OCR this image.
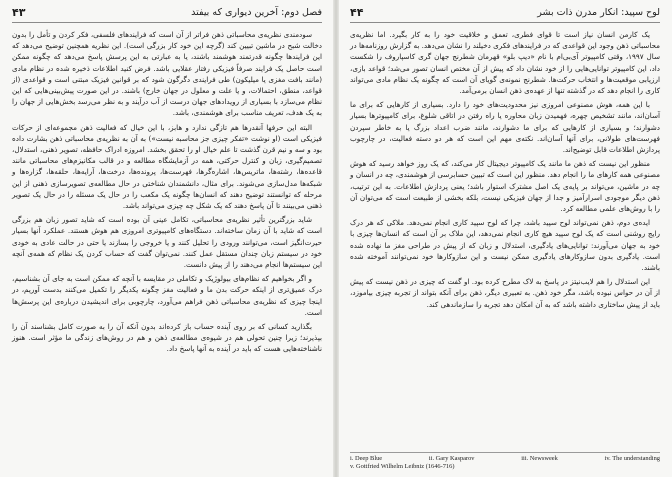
۴۳	فصل دوم: آخرین دیواری که بیفتد

سودمندی نظریه‌ی محاسباتی ذهن فراتر از آن است که فرایندهای فلسفی، فکر کردن و تأمل را بدون دخالت شبح در ماشین تبیین کند (گرچه این خود کار بزرگی است). این نظریه همچنین توضیح می‌دهد که این فرایندها چگونه قدرتمند هوشمند باشند، یا به عبارتی به این پرسش پاسخ می‌دهد که چگونه ممکن است حاصل یک فرایند صرفاً فیزیکی رفتار عقلایی باشد. فرض کنید اطلاعات ذخیره شده در نظام مادی (مانند بافت مغزی یا میلیکون) طی فرایندی دگرگون شود که بر قوانین فیزیک مبتنی است و قواعدی (از قواعد، منطق، احتمالات، و یا علت و معلول در جهان خارج) باشند. در این صورت پیش‌بینی‌هایی که این نظام می‌سازد با بسیاری از رویدادهای جهان درست از آب درآیند و به نظر می‌رسد بخش‌هایی از جهان را به یک هدف، تعریف مناسب برای هوشمندی، باشد.

البته این حرفها آنقدرها هم تازگی ندارد و هابز، با این خیال که فعالیت ذهن مجموعه‌ای از حرکات فیزیکی است (او نوشت «تفکر چیزی جز محاسبه نیست») به آن به نظریه‌ی محاسباتی ذهن بشارت داده بود و سه و نیم قرن گذشت تا علم خیال او را تحقق بخشد. امروزه ادراک حافظه، تصویر ذهنی، استدلال، تصمیم‌گیری، زبان و کنترل حرکتی، همه در آزمایشگاه مطالعه و در قالب مکانیزم‌های محاسباتی مانند قاعده‌ها، رشته‌ها، ماتریس‌ها، اشاره‌گرها، فهرست‌ها، پرونده‌ها، درخت‌ها، آرایه‌ها، حلقه‌ها، گزاره‌ها و شبکه‌ها مدل‌سازی می‌شوند. برای مثال، دانشمندان شناختی در حال مطالعه‌ی تصویرسازی ذهنی از این مرحله که توانستند توضیح دهند که انسان‌ها چگونه یک مکعب را در حال یک مسئله را در حال یک تصویر ذهنی می‌بینند تا آن پاسخ دهند که یک شکل چه چیزی می‌تواند باشد.

شاید بزرگترین تأثیر نظریه‌ی محاسباتی، تکامل عینی آن بوده است که شاید تصور زبان هم بزرگی است که شاید با آن زمان ساخته‌اند. دستگاه‌های کامپیوتری امروزی هم هوش هستند. عملکرد آنها بسیار حیرت‌انگیز است، می‌توانند ورودی را تحلیل کنند و یا خروجی را بسازند یا حتی در حالت عادی به خودی خود در سیستم زبان چندان مستقل عمل کنند. نمی‌توان گفت که حساب کردن یک نظام که همه‌ی آنچه این سیستم‌ها انجام می‌دهند را از پیش دانست.

و اگر بخواهیم که نظام‌های بیولوژیک و تکاملی در مقایسه با آنچه که ممکن است به جای آن بشناسیم، درک عمیق‌تری از اینکه حرکت بدن ما و فعالیت مغز چگونه یکدیگر را تکمیل می‌کنند بدست آوریم، در اینجا چیزی که نظریه‌ی محاسباتی ذهن فراهم می‌آورد، چارچوبی برای اندیشیدن درباره‌ی این پرسش‌ها است.

بگذارید کسانی که بر روی آینده حساب باز کرده‌اند بدون آنکه آن را به صورت کامل بشناسند آن را بپذیرند؛ زیرا چنین تحولی هم در شیوه‌ی مطالعه‌ی ذهن و هم در روش‌های زندگی ما مؤثر است. هنوز ناشناخته‌هایی هست که باید در آینده به آنها پاسخ داد.

۴۴	لوح سپید: انکار مدرن ذات بشر

یک کارمن انسان نیاز است تا قوای فطری، تعمق و خلاقیت خود را به کار بگیرد. اما نظریه‌ی محاسباتی ذهن وجود این قواعدی که در فرایندهای فکری دخیلند را نشان می‌دهد. به گزارش روزنامه‌ها در سال ۱۹۹۷، وقتی کامپیوتر آی‌بی‌ام با نام «دیپ بلو» قهرمان شطرنج جهان گری کاسپاروف را شکست داد، این کامپیوتر توانایی‌هایی را از خود نشان داد که پیش از آن مختص انسان تصور می‌شد؛ قواعد بازی، ارزیابی موقعیت‌ها و انتخاب حرکت‌ها. شطرنج نمونه‌ی گویای آن است که چگونه یک نظام مادی می‌تواند کاری را انجام دهد که در گذشته تنها از عهده‌ی ذهن انسان برمی‌آمد.

با این همه، هوش مصنوعی امروزی نیز محدودیت‌های خود را دارد. بسیاری از کارهایی که برای ما آسان‌اند، مانند تشخیص چهره، فهمیدن زبان محاوره یا راه رفتن در اتاقی شلوغ، برای کامپیوترها بسیار دشوارند؛ و بسیاری از کارهایی که برای ما دشوارند، مانند ضرب اعداد بزرگ یا به خاطر سپردن فهرست‌های طولانی، برای آنها آسان‌اند. نکته‌ی مهم این است که هر دو دسته فعالیت، در چارچوب پردازش اطلاعات قابل توضیح‌اند.

منظور این نیست که ذهن ما مانند یک کامپیوتر دیجیتال کار می‌کند، که یک روز خواهد رسید که هوش مصنوعی همه کارهای ما را انجام دهد. منظور این است که تبیین حسابرسی از هوشمندی، چه در انسان و چه در ماشین، می‌تواند بر پایه‌ی یک اصل مشترک استوار باشد؛ یعنی پردازش اطلاعات. به این ترتیب، ذهن دیگر موجودی اسرارآمیز و جدا از جهان فیزیکی نیست، بلکه بخشی از طبیعت است که می‌توان آن را با روش‌های علمی مطالعه کرد.

ایده‌ی دوم، ذهن نمی‌تواند لوح سپید باشد، چرا که لوح سپید کاری انجام نمی‌دهد. ملاکی که هر درک رایج روشنی است که یک لوح سپید هیچ کاری انجام نمی‌دهد، این ملاک بر آن است که انسان‌ها چیزی با خود به جهان می‌آورند: توانایی‌های یادگیری، استدلال و زبان که از پیش در طراحی مغز ما نهاده شده است. یادگیری بدون سازوکارهای یادگیری ممکن نیست و این سازوکارها خود نمی‌توانند آموخته شده باشند.

این استدلال را هم لایب‌نیتز در پاسخ به لاک مطرح کرده بود. او گفت که چیزی در ذهن نیست که پیش از آن در حواس نبوده باشد، مگر خود ذهن. به تعبیری دیگر، ذهن برای آنکه بتواند از تجربه چیزی بیاموزد، باید از پیش ساختاری داشته باشد که به آن امکان دهد تجربه را سازماندهی کند.

i. Deep Blue	ii. Gary Kasparov	iii. Newsweek	iv. The understanding
v. Gottfried Wilhelm Leibniz (1646-716)
